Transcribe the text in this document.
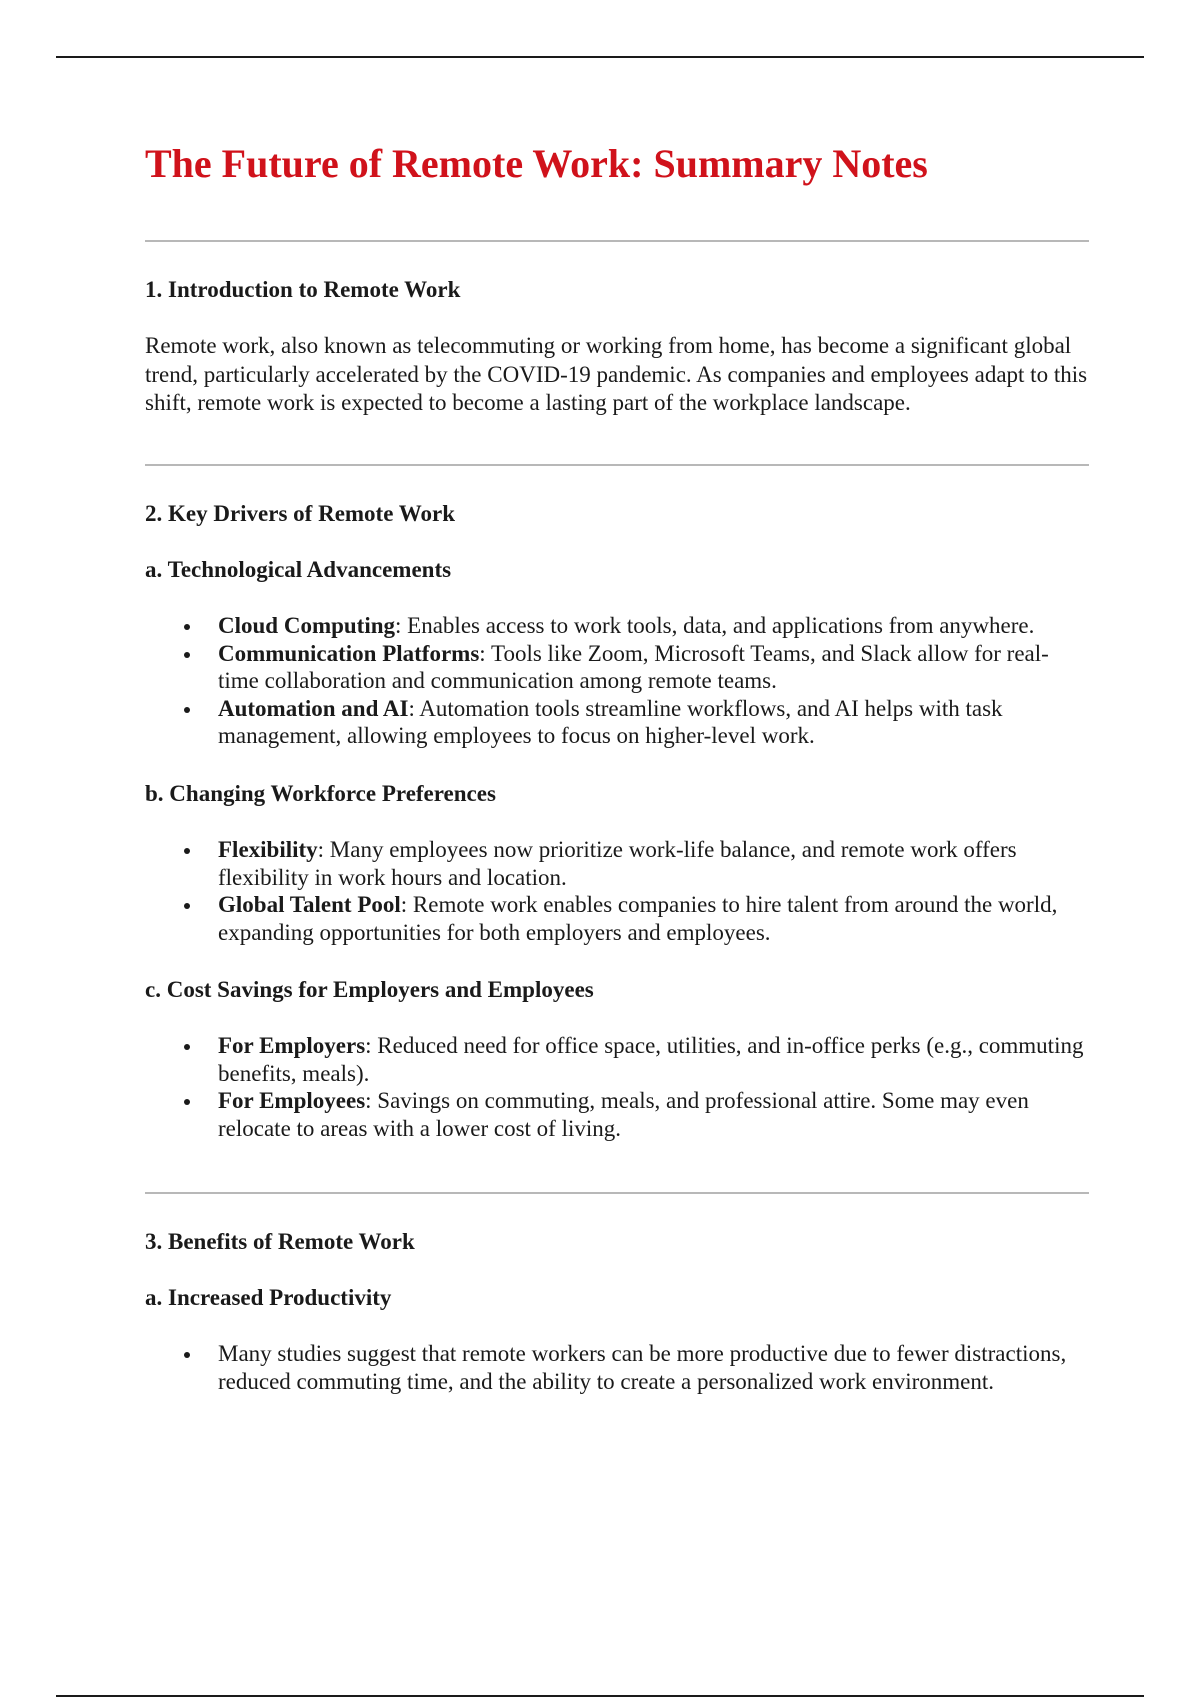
The Future of Remote Work: Summary Notes
1. Introduction to Remote Work

Remote work, also known as telecommuting or working from home, has become a significant global trend, particularly accelerated by the COVID-19 pandemic. As companies and employees adapt to this shift, remote work is expected to become a lasting part of the workplace landscape.

2. Key Drivers of Remote Work
a. Technological Advancements
Cloud Computing: Enables access to work tools, data, and applications from anywhere.
Communication Platforms: Tools like Zoom, Microsoft Teams, and Slack allow for real-time collaboration and communication among remote teams.
Automation and AI: Automation tools streamline workflows, and AI helps with task management, allowing employees to focus on higher-level work.
b. Changing Workforce Preferences
Flexibility: Many employees now prioritize work-life balance, and remote work offers flexibility in work hours and location.
Global Talent Pool: Remote work enables companies to hire talent from around the world, expanding opportunities for both employers and employees.
c. Cost Savings for Employers and Employees
For Employers: Reduced need for office space, utilities, and in-office perks (e.g., commuting benefits, meals).
For Employees: Savings on commuting, meals, and professional attire. Some may even relocate to areas with a lower cost of living.
3. Benefits of Remote Work
a. Increased Productivity
Many studies suggest that remote workers can be more productive due to fewer distractions, reduced commuting time, and the ability to create a personalized work environment.
